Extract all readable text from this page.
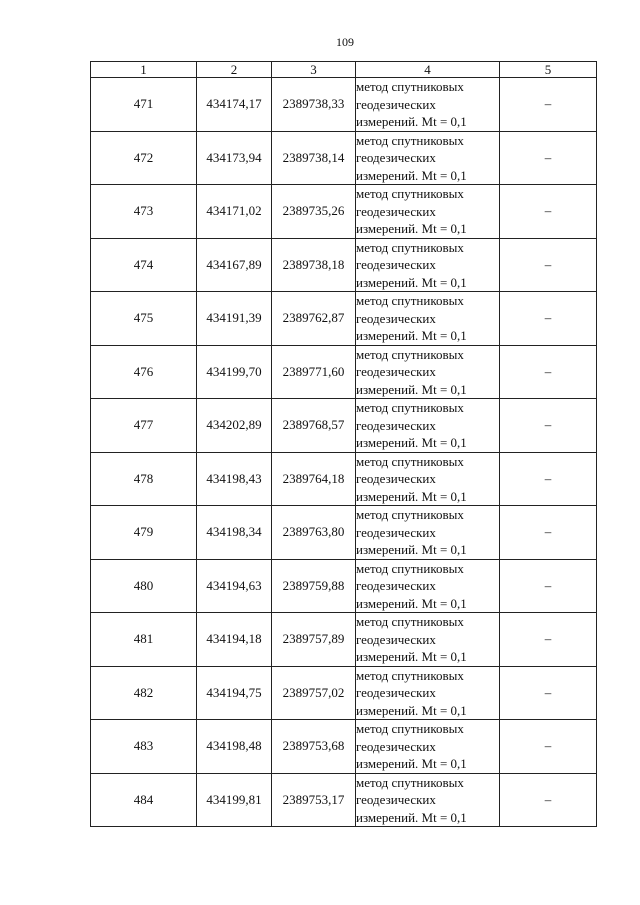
109
1	2	3	4	5
471	434174,17	2389738,33	метод спутниковых
геодезических
измерений. Mt = 0,1	–
472	434173,94	2389738,14	метод спутниковых
геодезических
измерений. Mt = 0,1	–
473	434171,02	2389735,26	метод спутниковых
геодезических
измерений. Mt = 0,1	–
474	434167,89	2389738,18	метод спутниковых
геодезических
измерений. Mt = 0,1	–
475	434191,39	2389762,87	метод спутниковых
геодезических
измерений. Mt = 0,1	–
476	434199,70	2389771,60	метод спутниковых
геодезических
измерений. Mt = 0,1	–
477	434202,89	2389768,57	метод спутниковых
геодезических
измерений. Mt = 0,1	–
478	434198,43	2389764,18	метод спутниковых
геодезических
измерений. Mt = 0,1	–
479	434198,34	2389763,80	метод спутниковых
геодезических
измерений. Mt = 0,1	–
480	434194,63	2389759,88	метод спутниковых
геодезических
измерений. Mt = 0,1	–
481	434194,18	2389757,89	метод спутниковых
геодезических
измерений. Mt = 0,1	–
482	434194,75	2389757,02	метод спутниковых
геодезических
измерений. Mt = 0,1	–
483	434198,48	2389753,68	метод спутниковых
геодезических
измерений. Mt = 0,1	–
484	434199,81	2389753,17	метод спутниковых
геодезических
измерений. Mt = 0,1	–
